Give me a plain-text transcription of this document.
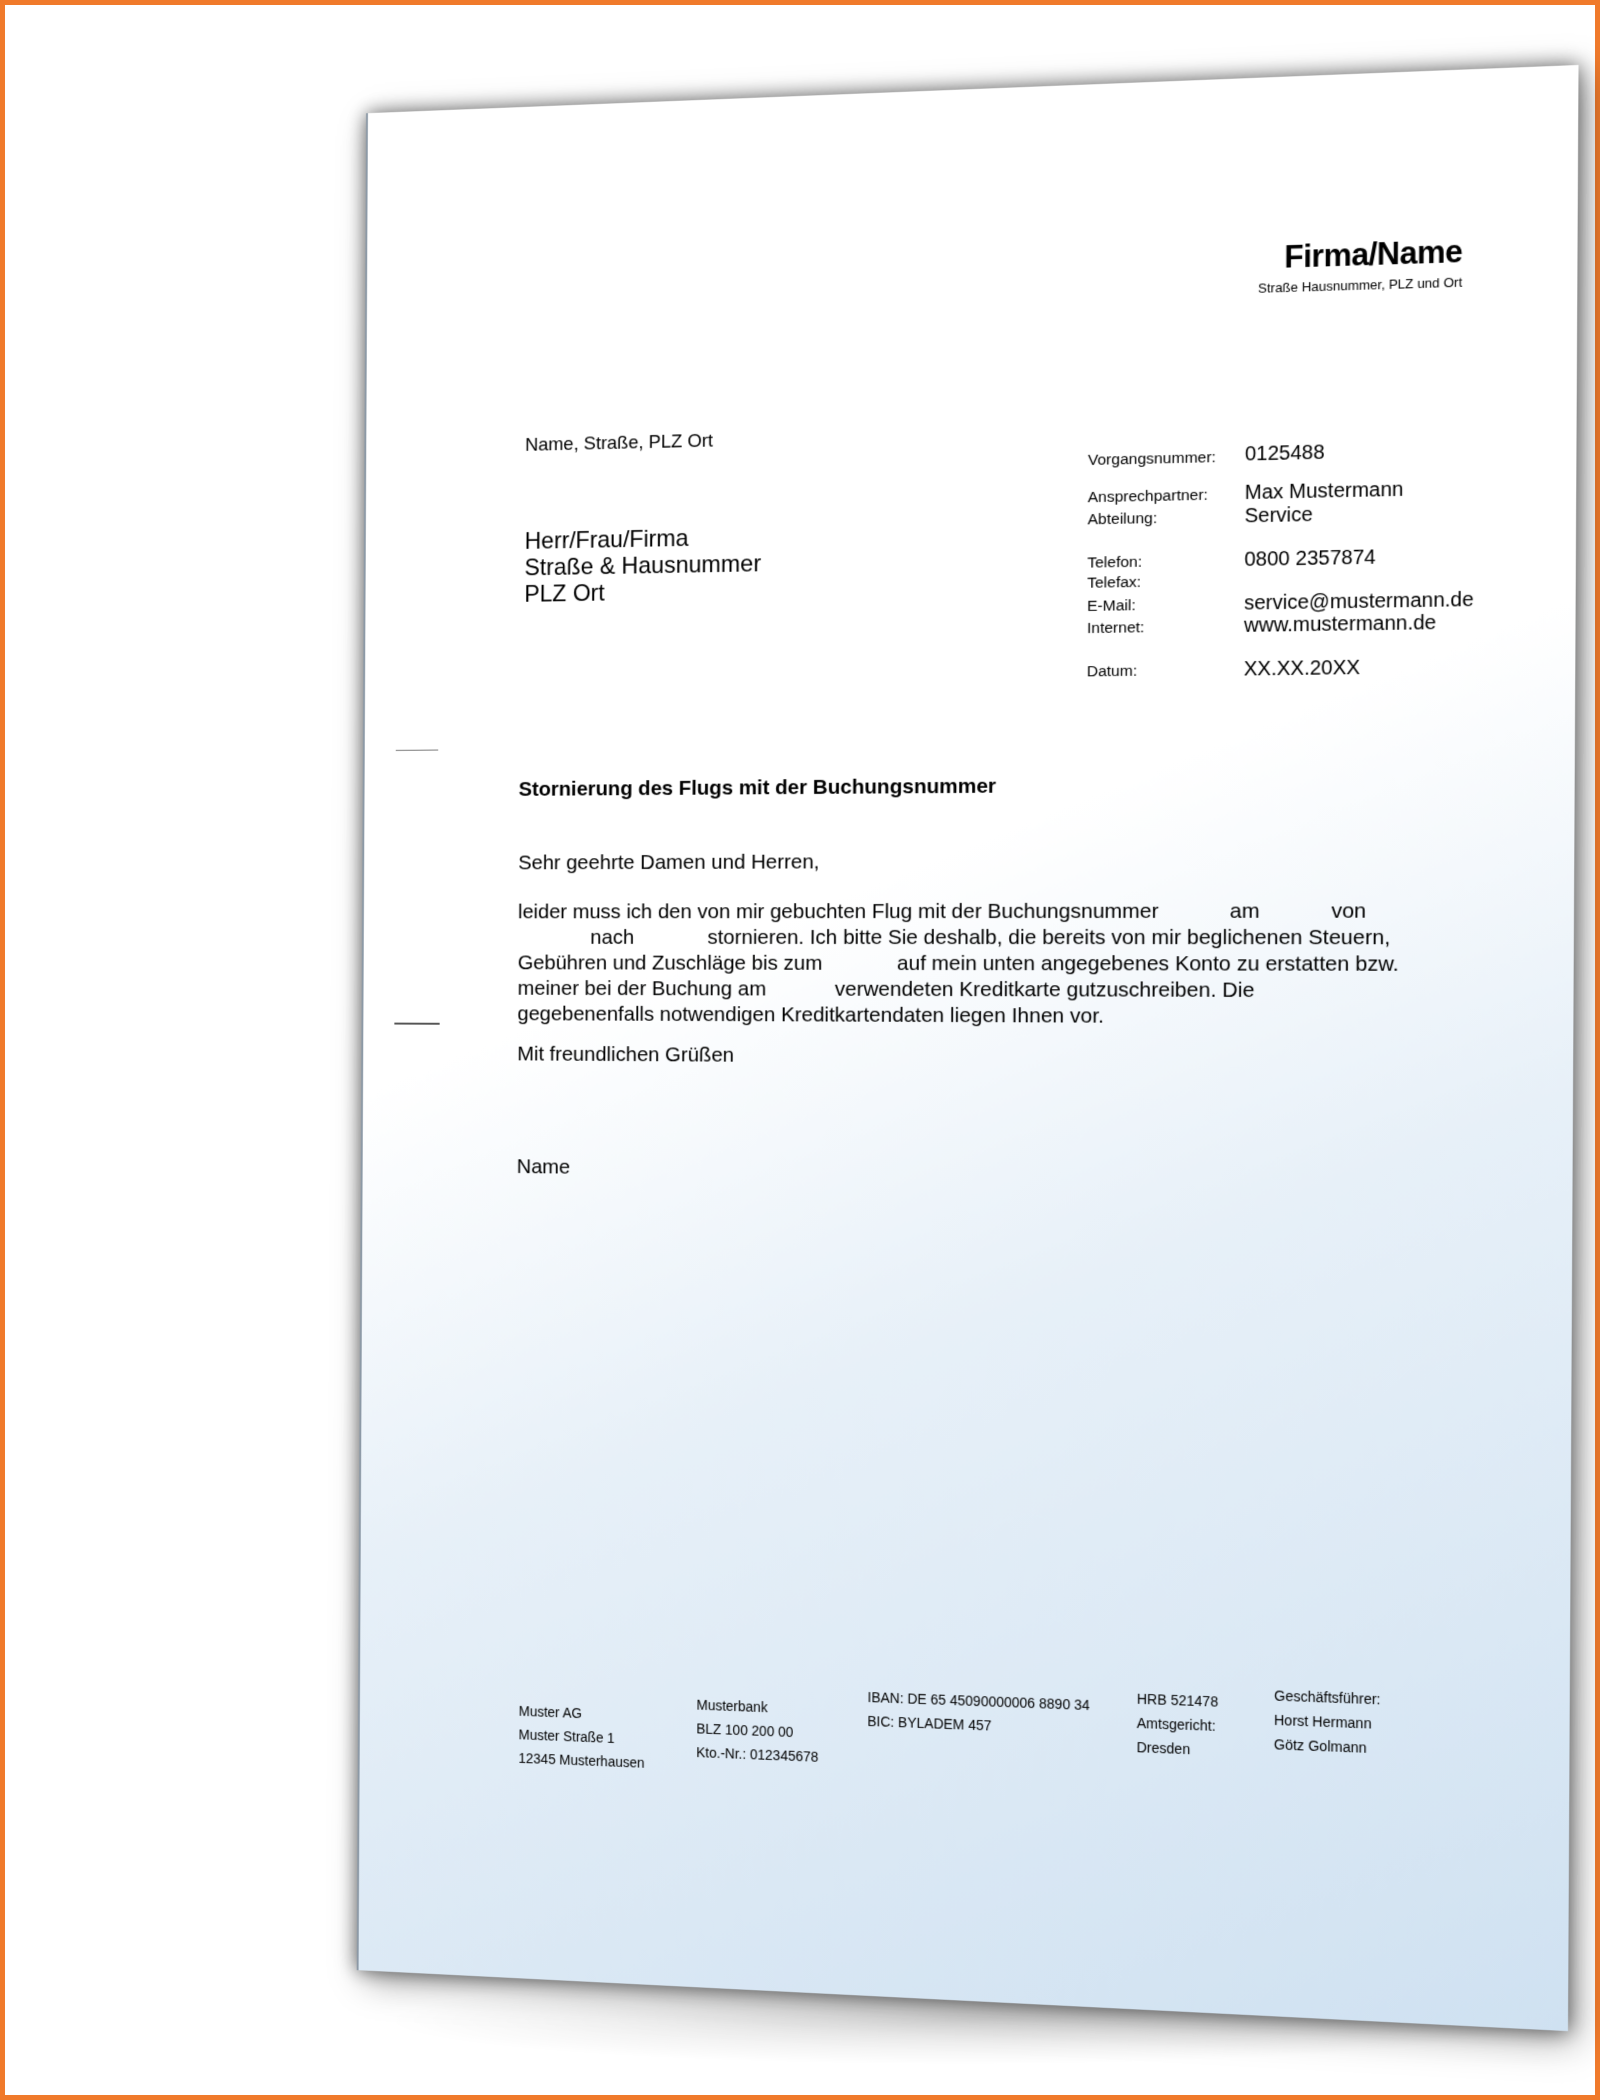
Firma/Name
Straße Hausnummer, PLZ und Ort
Name, Straße, PLZ Ort
Herr/Frau/Firma
Straße & Hausnummer
PLZ Ort
Vorgangsnummer: 0125488
Ansprechpartner: Max Mustermann
Abteilung:	Service
Telefon:	0800 2357874
Telefax:
E-Mail:	service@mustermann.de
Internet:	www.mustermann.de
Datum:	XX.XX.20XX
Stornierung des Flugs mit der Buchungsnummer
Sehr geehrte Damen und Herren,
leider muss ich den von mir gebuchten Flug mit der Buchungsnummer            am            von
nach             stornieren. Ich bitte Sie deshalb, die bereits von mir beglichenen Steuern,
Gebühren und Zuschläge bis zum             auf mein unten angegebenes Konto zu erstatten bzw.
meiner bei der Buchung am            verwendeten Kreditkarte gutzuschreiben. Die
gegebenenfalls notwendigen Kreditkartendaten liegen Ihnen vor.
Mit freundlichen Grüßen
Name
Muster AG
Muster Straße 1
12345 Musterhausen
Musterbank
BLZ 100 200 00
Kto.-Nr.: 012345678
IBAN: DE 65 45090000006 8890 34
BIC: BYLADEM 457
HRB 521478
Amtsgericht:
Dresden
Geschäftsführer:
Horst Hermann
Götz Golmann
